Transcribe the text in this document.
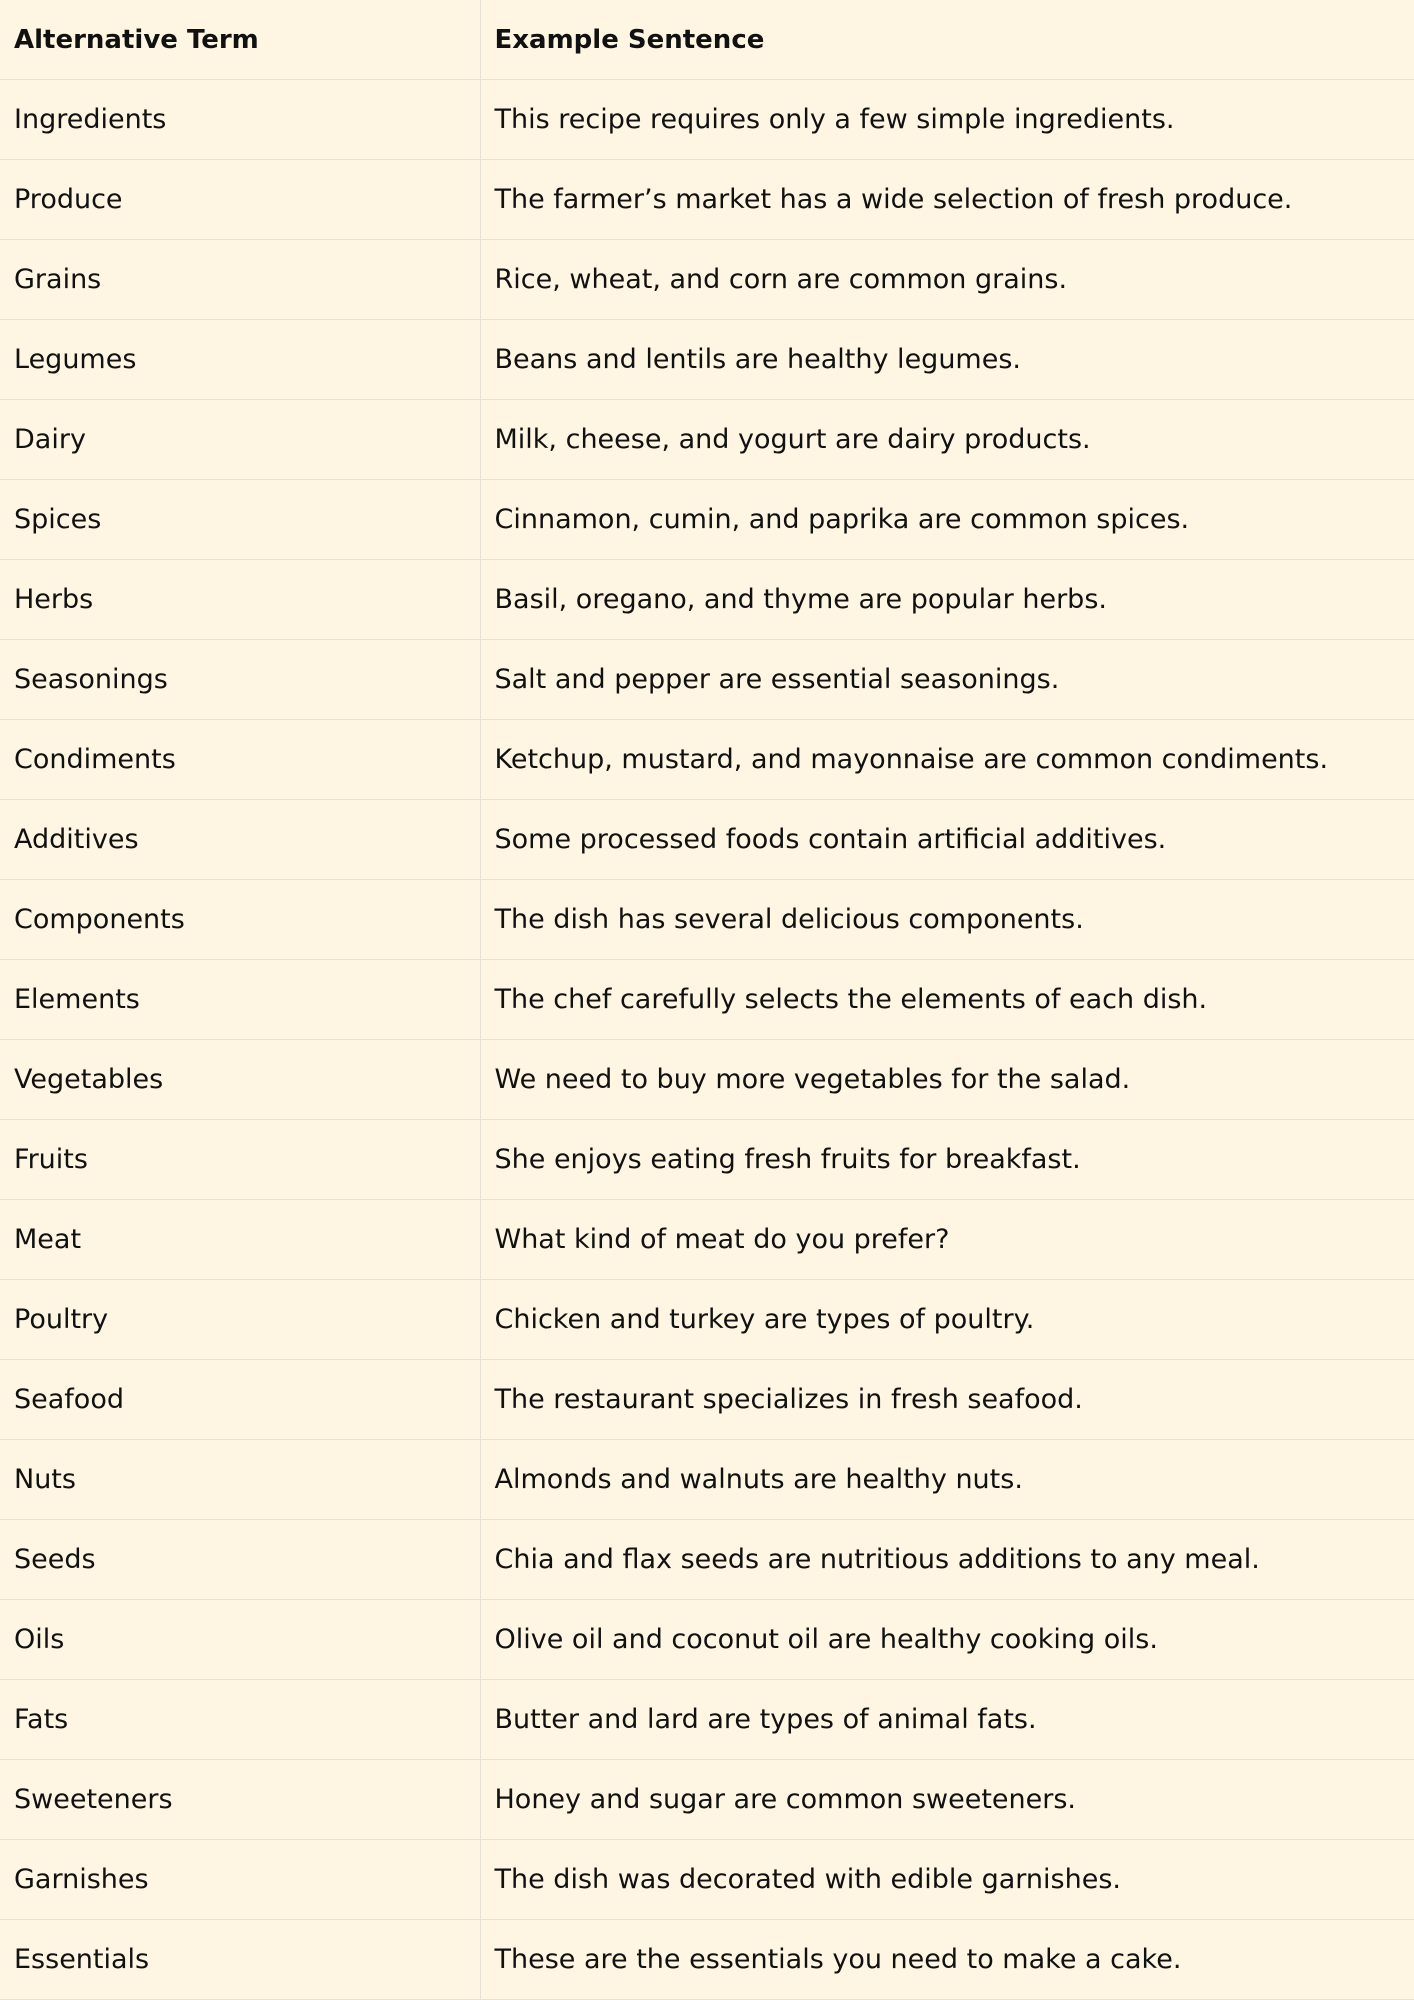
Alternative Term	Example Sentence
Ingredients	This recipe requires only a few simple ingredients.
Produce	The farmer’s market has a wide selection of fresh produce.
Grains	Rice, wheat, and corn are common grains.
Legumes	Beans and lentils are healthy legumes.
Dairy	Milk, cheese, and yogurt are dairy products.
Spices	Cinnamon, cumin, and paprika are common spices.
Herbs	Basil, oregano, and thyme are popular herbs.
Seasonings	Salt and pepper are essential seasonings.
Condiments	Ketchup, mustard, and mayonnaise are common condiments.
Additives	Some processed foods contain artificial additives.
Components	The dish has several delicious components.
Elements	The chef carefully selects the elements of each dish.
Vegetables	We need to buy more vegetables for the salad.
Fruits	She enjoys eating fresh fruits for breakfast.
Meat	What kind of meat do you prefer?
Poultry	Chicken and turkey are types of poultry.
Seafood	The restaurant specializes in fresh seafood.
Nuts	Almonds and walnuts are healthy nuts.
Seeds	Chia and flax seeds are nutritious additions to any meal.
Oils	Olive oil and coconut oil are healthy cooking oils.
Fats	Butter and lard are types of animal fats.
Sweeteners	Honey and sugar are common sweeteners.
Garnishes	The dish was decorated with edible garnishes.
Essentials	These are the essentials you need to make a cake.
